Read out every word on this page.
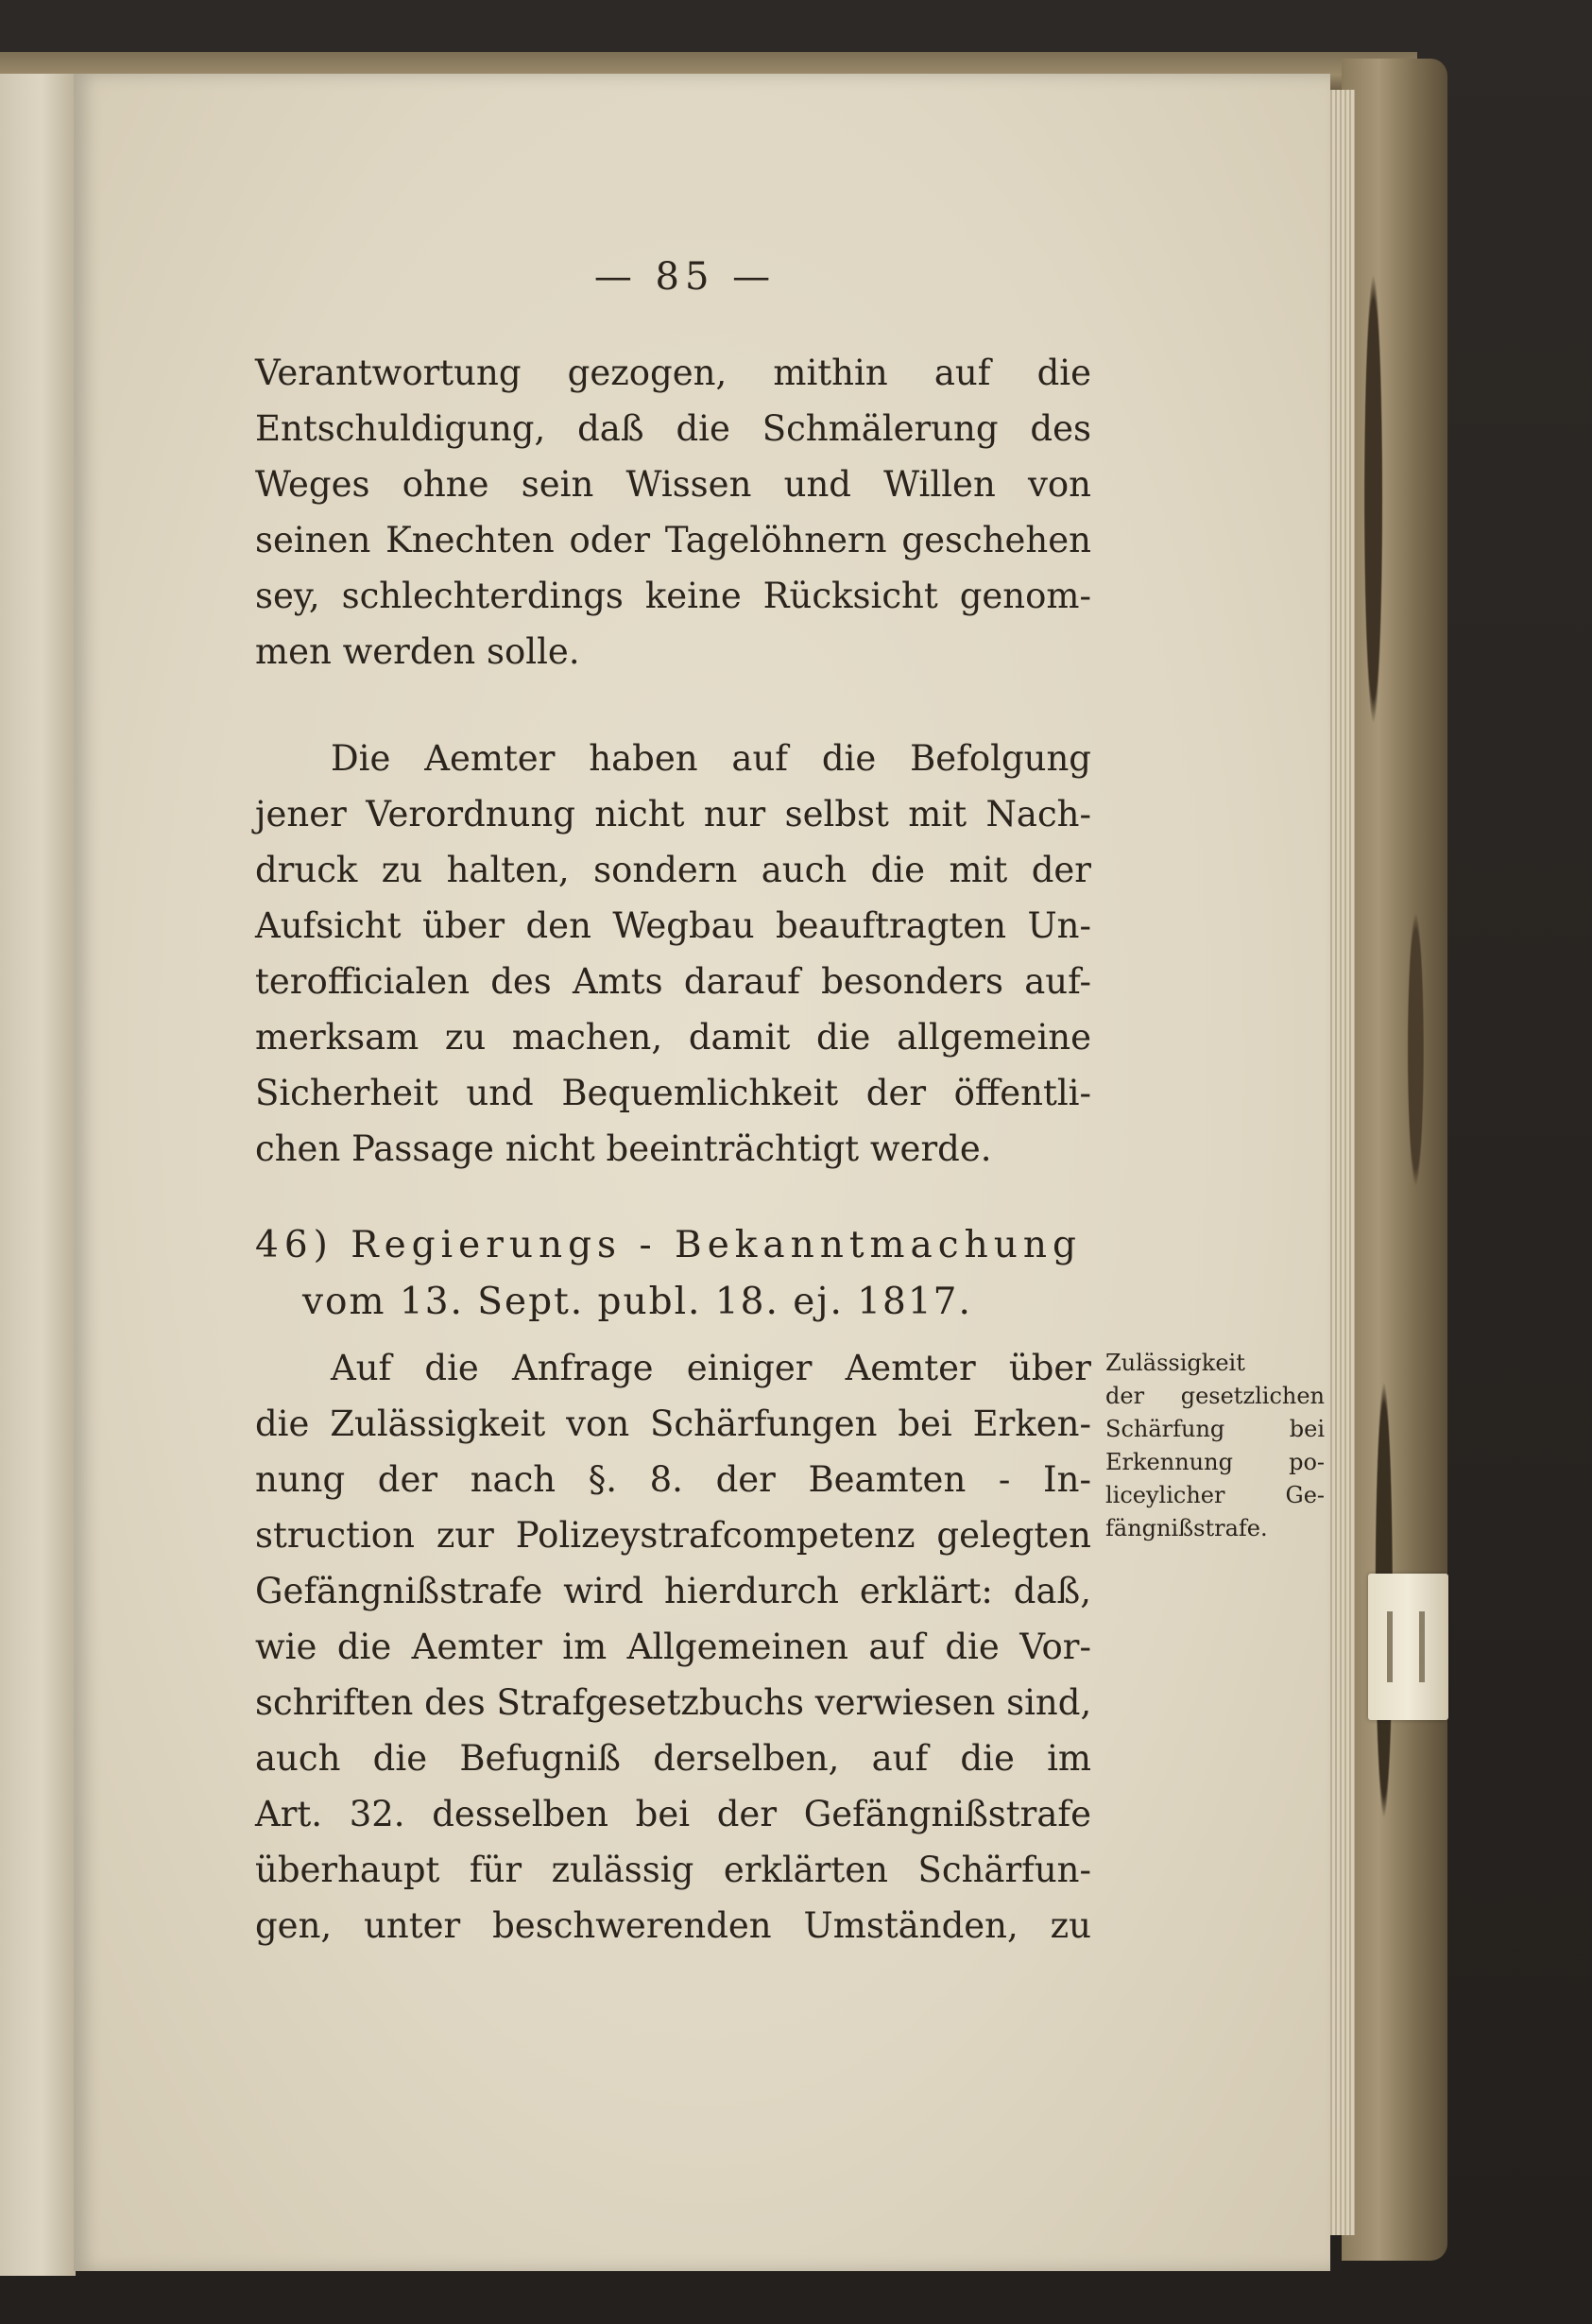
— 85 —
Verantwortung gezogen, mithin auf die
Entschuldigung, daß die Schmälerung des
Weges ohne sein Wissen und Willen von
seinen Knechten oder Tagelöhnern geschehen
sey, schlechterdings keine Rücksicht genom-
men werden solle.
Die Aemter haben auf die Befolgung
jener Verordnung nicht nur selbst mit Nach-
druck zu halten, sondern auch die mit der
Aufsicht über den Wegbau beauftragten Un-
terofficialen des Amts darauf besonders auf-
merksam zu machen, damit die allgemeine
Sicherheit und Bequemlichkeit der öffentli-
chen Passage nicht beeinträchtigt werde.
46) Regierungs - Bekanntmachung
vom 13. Sept. publ. 18. ej. 1817.
Auf die Anfrage einiger Aemter über
die Zulässigkeit von Schärfungen bei Erken-
nung der nach §. 8. der Beamten - In-
struction zur Polizeystrafcompetenz gelegten
Gefängnißstrafe wird hierdurch erklärt: daß,
wie die Aemter im Allgemeinen auf die Vor-
schriften des Strafgesetzbuchs verwiesen sind,
auch die Befugniß derselben, auf die im
Art. 32. desselben bei der Gefängnißstrafe
überhaupt für zulässig erklärten Schärfun-
gen, unter beschwerenden Umständen, zu
Zulässigkeit
der gesetzlichen
Schärfung bei
Erkennung po-
liceylicher Ge-
fängnißstrafe.
